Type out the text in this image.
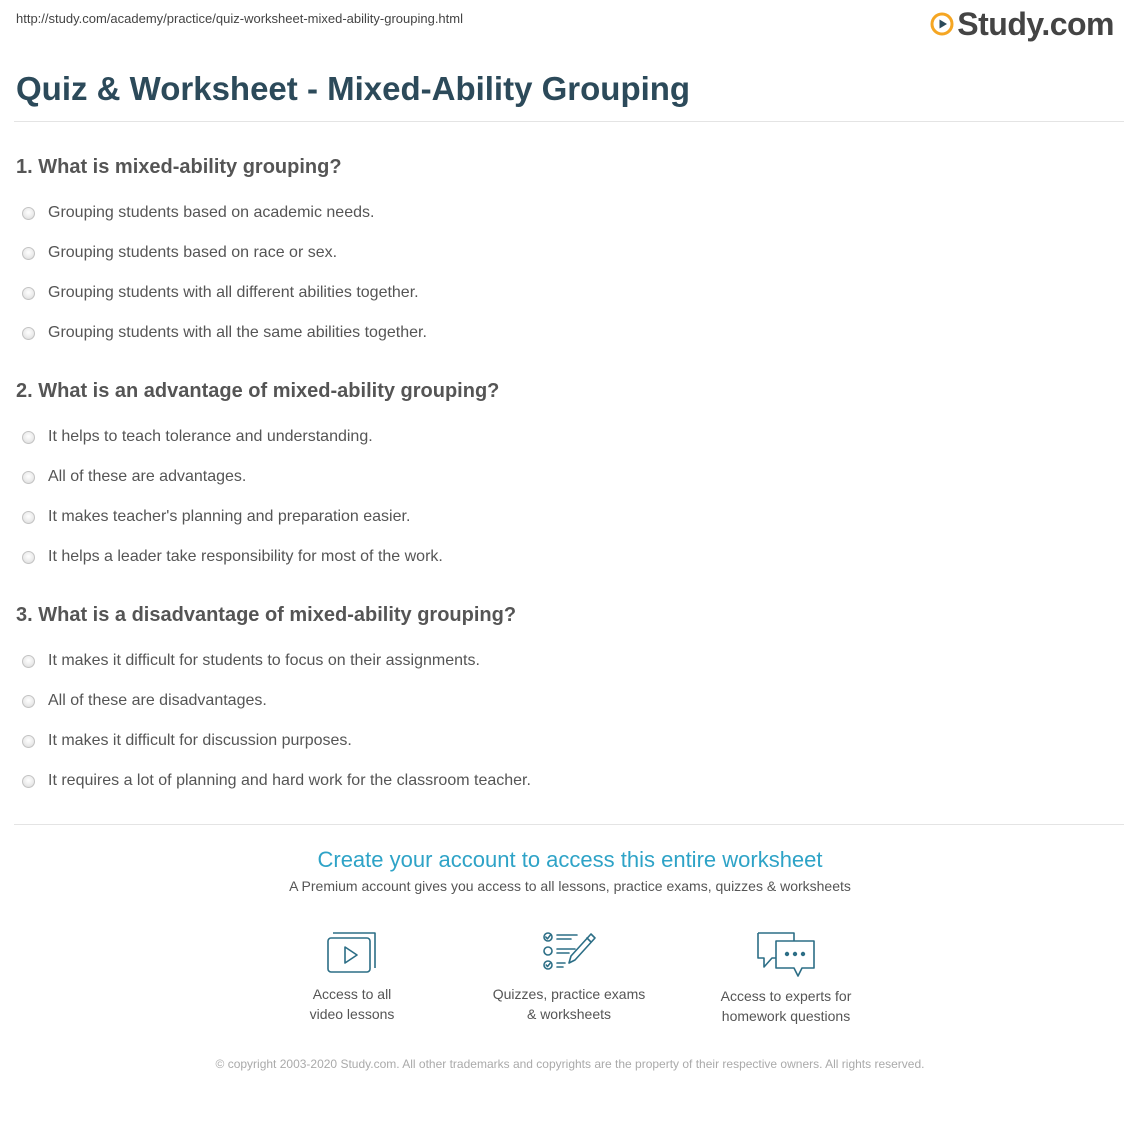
http://study.com/academy/practice/quiz-worksheet-mixed-ability-grouping.html	Study.com
Quiz & Worksheet - Mixed-Ability Grouping
1. What is mixed-ability grouping?
Grouping students based on academic needs.
Grouping students based on race or sex.
Grouping students with all different abilities together.
Grouping students with all the same abilities together.
2. What is an advantage of mixed-ability grouping?
It helps to teach tolerance and understanding.
All of these are advantages.
It makes teacher's planning and preparation easier.
It helps a leader take responsibility for most of the work.
3. What is a disadvantage of mixed-ability grouping?
It makes it difficult for students to focus on their assignments.
All of these are disadvantages.
It makes it difficult for discussion purposes.
It requires a lot of planning and hard work for the classroom teacher.
Create your account to access this entire worksheet
A Premium account gives you access to all lessons, practice exams, quizzes & worksheets
Access to all
video lessons
Quizzes, practice exams
& worksheets
Access to experts for
homework questions
© copyright 2003-2020 Study.com. All other trademarks and copyrights are the property of their respective owners. All rights reserved.
